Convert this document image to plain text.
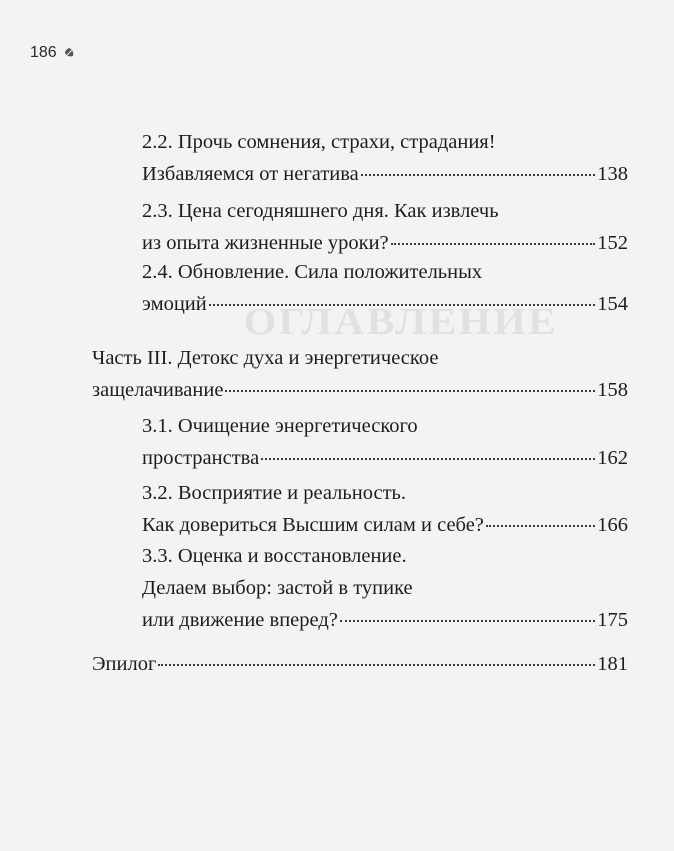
ОГЛАВЛЕНИЕ
186
2.2. Прочь сомнения, страхи, страдания!
Избавляемся от негатива	138
2.3. Цена сегодняшнего дня. Как извлечь
из опыта жизненные уроки?	152
2.4. Обновление. Сила положительных
эмоций	154
Часть III. Детокс духа и энергетическое
защелачивание	158
3.1. Очищение энергетического
пространства	162
3.2. Восприятие и реальность.
Как довериться Высшим силам и себе?	166
3.3. Оценка и восстановление.
Делаем выбор: застой в тупике
или движение вперед?	175
Эпилог	181
